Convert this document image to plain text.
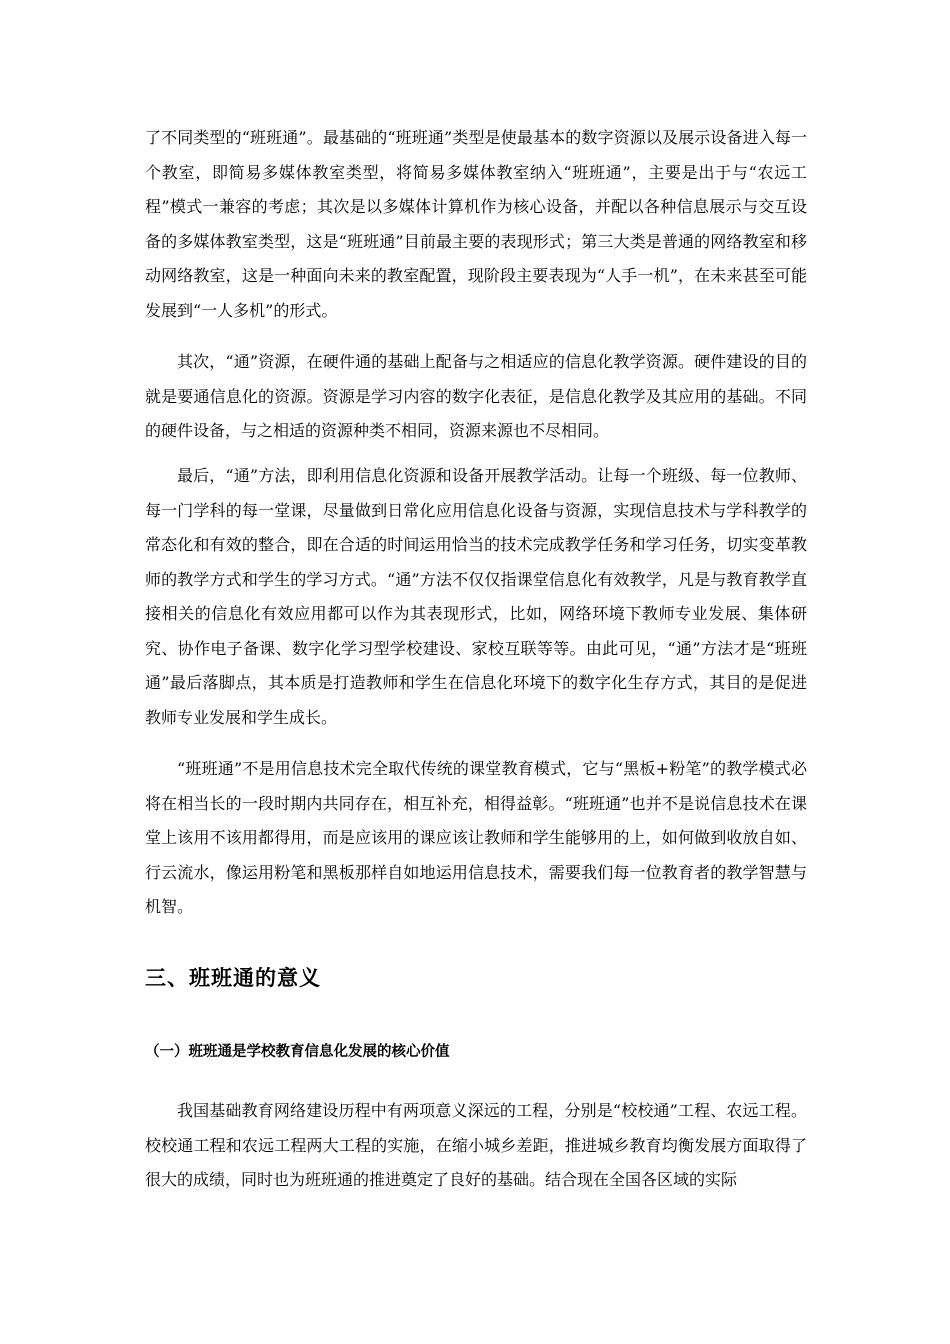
了不同类型的“班班通”。最基础的“班班通”类型是使最基本的数字资源以及展示设备进入每一个教室，即简易多媒体教室类型，将简易多媒体教室纳入“班班通”，主要是出于与“农远工程”模式一兼容的考虑；其次是以多媒体计算机作为核心设备，并配以各种信息展示与交互设备的多媒体教室类型，这是“班班通”目前最主要的表现形式；第三大类是普通的网络教室和移动网络教室，这是一种面向未来的教室配置，现阶段主要表现为“人手一机”，在未来甚至可能发展到“一人多机”的形式。

其次，“通”资源，在硬件通的基础上配备与之相适应的信息化教学资源。硬件建设的目的就是要通信息化的资源。资源是学习内容的数字化表征，是信息化教学及其应用的基础。不同的硬件设备，与之相适的资源种类不相同，资源来源也不尽相同。

最后，“通”方法，即利用信息化资源和设备开展教学活动。让每一个班级、每一位教师、每一门学科的每一堂课，尽量做到日常化应用信息化设备与资源，实现信息技术与学科教学的常态化和有效的整合，即在合适的时间运用恰当的技术完成教学任务和学习任务，切实变革教师的教学方式和学生的学习方式。“通”方法不仅仅指课堂信息化有效教学，凡是与教育教学直接相关的信息化有效应用都可以作为其表现形式，比如，网络环境下教师专业发展、集体研究、协作电子备课、数字化学习型学校建设、家校互联等等。由此可见，“通”方法才是“班班通”最后落脚点，其本质是打造教师和学生在信息化环境下的数字化生存方式，其目的是促进教师专业发展和学生成长。

“班班通”不是用信息技术完全取代传统的课堂教育模式，它与“黑板+粉笔”的教学模式必将在相当长的一段时期内共同存在，相互补充，相得益彰。“班班通”也并不是说信息技术在课堂上该用不该用都得用，而是应该用的课应该让教师和学生能够用的上，如何做到收放自如、行云流水，像运用粉笔和黑板那样自如地运用信息技术，需要我们每一位教育者的教学智慧与机智。

三、班班通的意义
（一）班班通是学校教育信息化发展的核心价值

我国基础教育网络建设历程中有两项意义深远的工程，分别是“校校通”工程、农远工程。校校通工程和农远工程两大工程的实施，在缩小城乡差距，推进城乡教育均衡发展方面取得了很大的成绩，同时也为班班通的推进奠定了良好的基础。结合现在全国各区域的实际
